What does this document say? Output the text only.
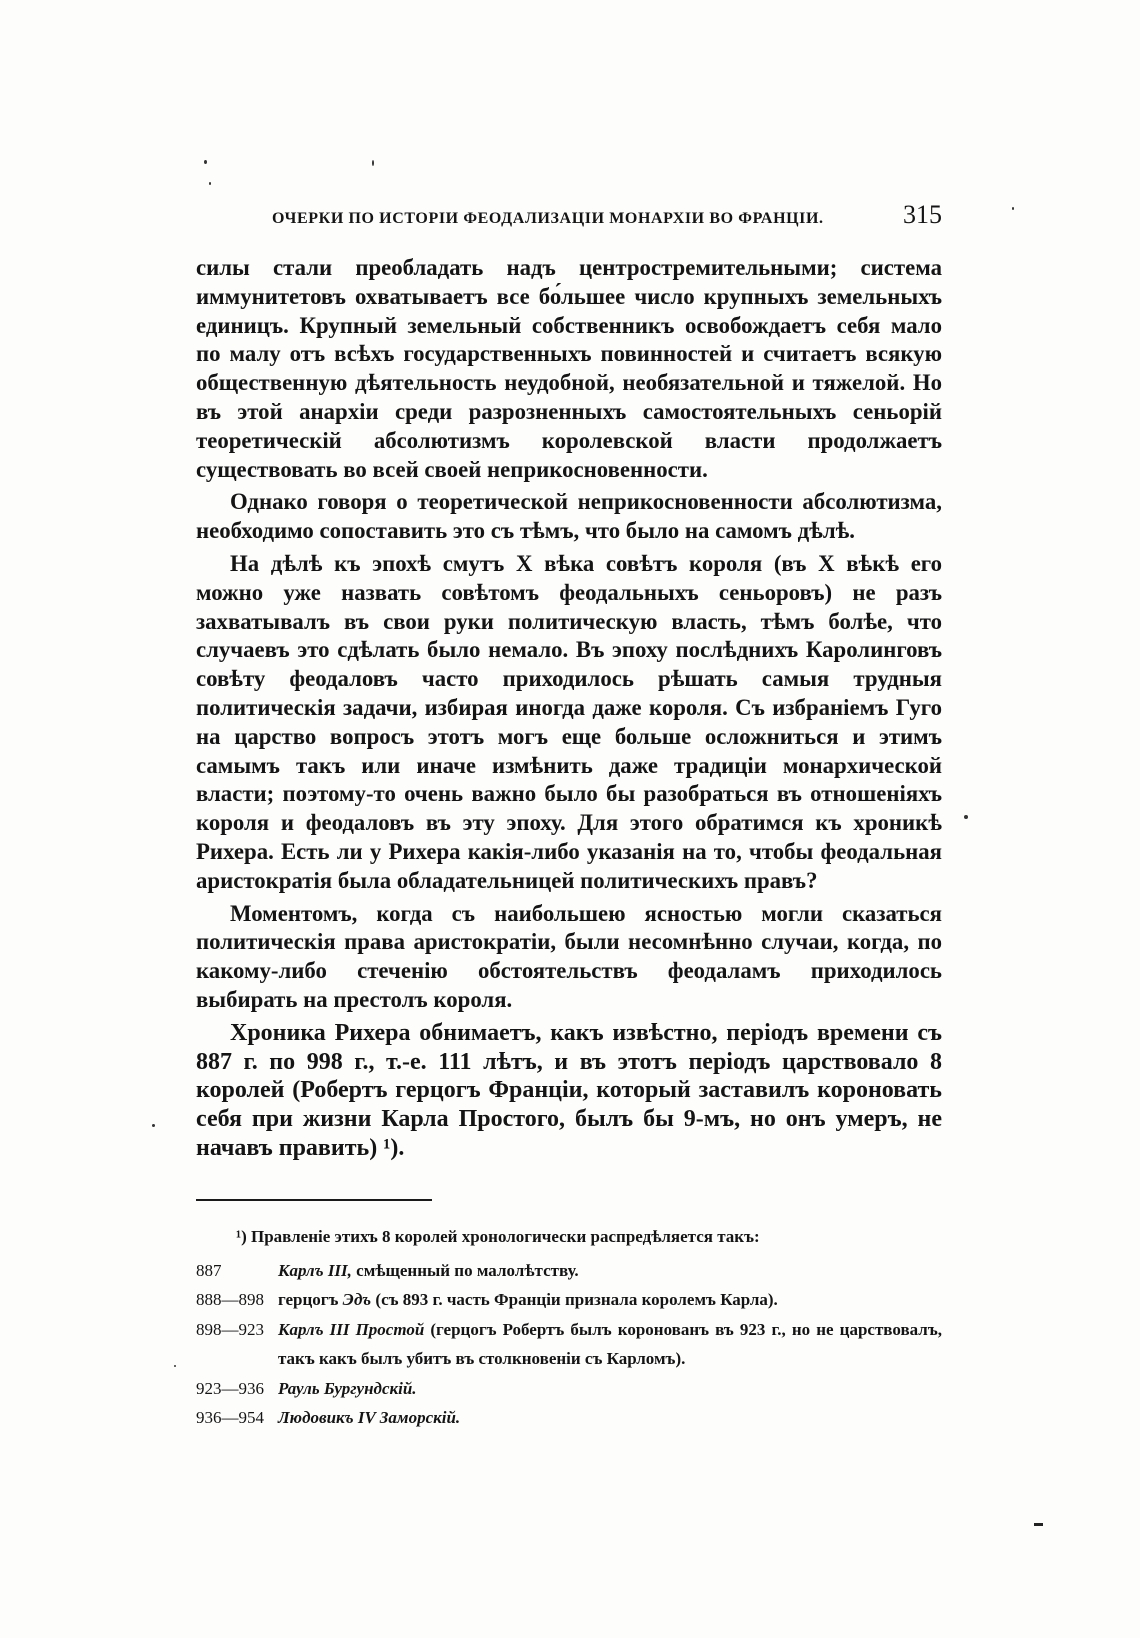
ОЧЕРКИ ПО ИСТОРІИ ФЕОДАЛИЗАЦІИ МОНАРХІИ ВО ФРАНЦІИ.	315

силы стали преобладать надъ центростремительными; система иммунитетовъ охватываетъ все бо́льшее число крупныхъ земельныхъ единицъ. Крупный земельный собственникъ освобождаетъ себя мало по малу отъ всѣхъ государственныхъ повинностей и считаетъ всякую общественную дѣятельность неудобной, необязательной и тяжелой. Но въ этой анархіи среди разрозненныхъ самостоятельныхъ сеньорій теоретическій абсолютизмъ королевской власти продолжаетъ существовать во всей своей неприкосновенности.

Однако говоря о теоретической неприкосновенности абсолютизма, необходимо сопоставить это съ тѣмъ, что было на самомъ дѣлѣ.

На дѣлѣ къ эпохѣ смутъ X вѣка совѣтъ короля (въ X вѣкѣ его можно уже назвать совѣтомъ феодальныхъ сеньоровъ) не разъ захватывалъ въ свои руки политическую власть, тѣмъ болѣе, что случаевъ это сдѣлать было немало. Въ эпоху послѣднихъ Каролинговъ совѣту феодаловъ часто приходилось рѣшать самыя трудныя политическія задачи, избирая иногда даже короля. Съ избраніемъ Гуго на царство вопросъ этотъ могъ еще больше осложниться и этимъ самымъ такъ или иначе измѣнить даже традиціи монархической власти; поэтому-то очень важно было бы разобраться въ отношеніяхъ короля и феодаловъ въ эту эпоху. Для этого обратимся къ хроникѣ Рихера. Есть ли у Рихера какія-либо указанія на то, чтобы феодальная аристократія была обладательницей политическихъ правъ?

Моментомъ, когда съ наибольшею ясностью могли сказаться политическія права аристократіи, были несомнѣнно случаи, когда, по какому-либо стеченію обстоятельствъ феодаламъ приходилось выбирать на престолъ короля.

Хроника Рихера обнимаетъ, какъ извѣстно, періодъ времени съ 887 г. по 998 г., т.-е. 111 лѣтъ, и въ этотъ періодъ царствовало 8 королей (Робертъ герцогъ Франціи, который заставилъ короновать себя при жизни Карла Простого, былъ бы 9-мъ, но онъ умеръ, не начавъ править) ¹).

¹) Правленіе этихъ 8 королей хронологически распредѣляется такъ:

887	Карлъ III, смѣщенный по малолѣтству.
888—898 герцогъ Эдъ (съ 893 г. часть Франціи признала королемъ Карла).
898—923 Карлъ III Простой (герцогъ Робертъ былъ коронованъ въ 923 г., но не царствовалъ, такъ какъ былъ убитъ въ столкновеніи съ Карломъ).
923—936 Рауль Бургундскій.
936—954 Людовикъ IV Заморскій.
